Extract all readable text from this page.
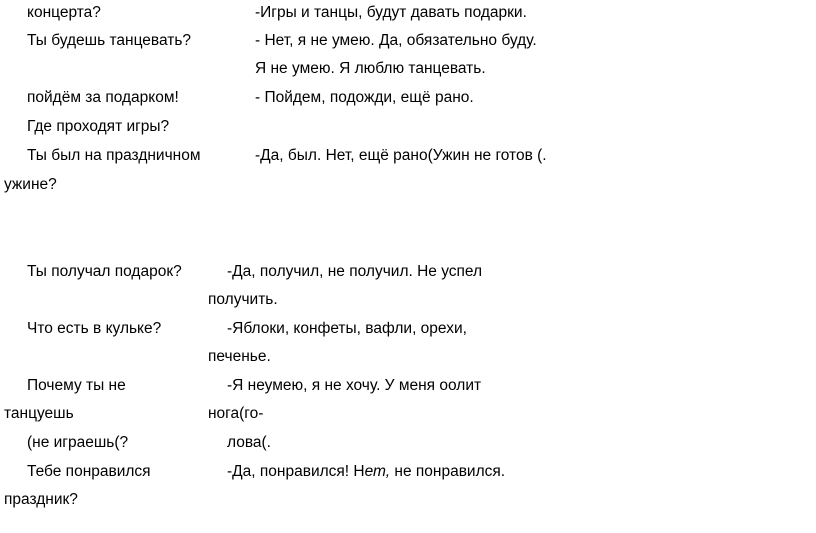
концерта?	-Игры и танцы, будут давать подарки.
Ты будешь танцевать?	- Нет, я не умею. Да, обязательно буду.
Я не умею. Я люблю танцевать.
пойдём за подарком!	- Пойдем, подожди, ещё рано.
Где проходят игры?
Ты был на праздничном	-Да, был. Нет, ещё рано(Ужин не готов (.
ужине?
Ты получал подарок?	-Да, получил, не получил. Не успел
получить.
Что есть в кульке?	-Яблоки, конфеты, вафли, орехи,
печенье.
Почему ты не	-Я неумею, я не хочу. У меня оолит
танцуешь	нога(го-
(не играешь(?	лова(.
Тебе понравился	-Да, понравился! Нет, не понравился.
праздник?
